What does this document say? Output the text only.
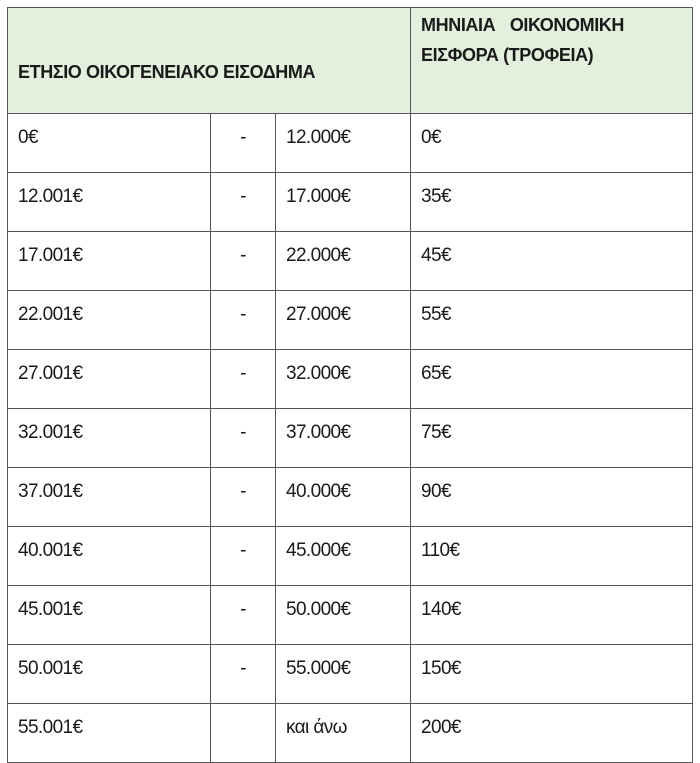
ΕΤΗΣΙΟ ΟΙΚΟΓΕΝΕΙΑΚΟ ΕΙΣΟΔΗΜΑ			ΜΗΝΙΑΙΑ ΟΙΚΟΝΟΜΙΚΗ
ΕΙΣΦΟΡΑ (ΤΡΟΦΕΙΑ)

0€	-	12.000€	0€
12.001€	-	17.000€	35€
17.001€	-	22.000€	45€
22.001€	-	27.000€	55€
27.001€	-	32.000€	65€
32.001€	-	37.000€	75€
37.001€	-	40.000€	90€
40.001€	-	45.000€	110€
45.001€	-	50.000€	140€
50.001€	-	55.000€	150€
55.001€		και άνω	200€
